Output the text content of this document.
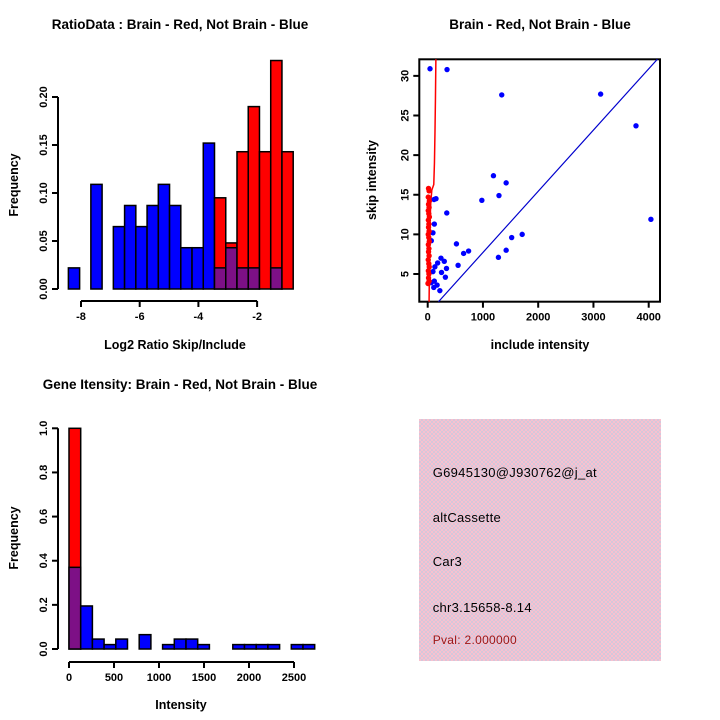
0.00
0.05
0.10
0.15
0.20
-8	-6	-4	-2
RatioData : Brain - Red, Not Brain - Blue
Log2 Ratio Skip/Include
Frequency
0	1000	2000	3000	4000
5
10
15
20
25
30
Brain - Red, Not Brain - Blue
include intensity
skip intensity
0.0
0.2
0.4
0.6
0.8
1.0
0	500 1000 1500 2000 2500
Gene Itensity: Brain - Red, Not Brain - Blue
Intensity
Frequency

G6945130@J930762@j_at

altCassette

Car3

chr3.15658-8.14

Pval: 2.000000
